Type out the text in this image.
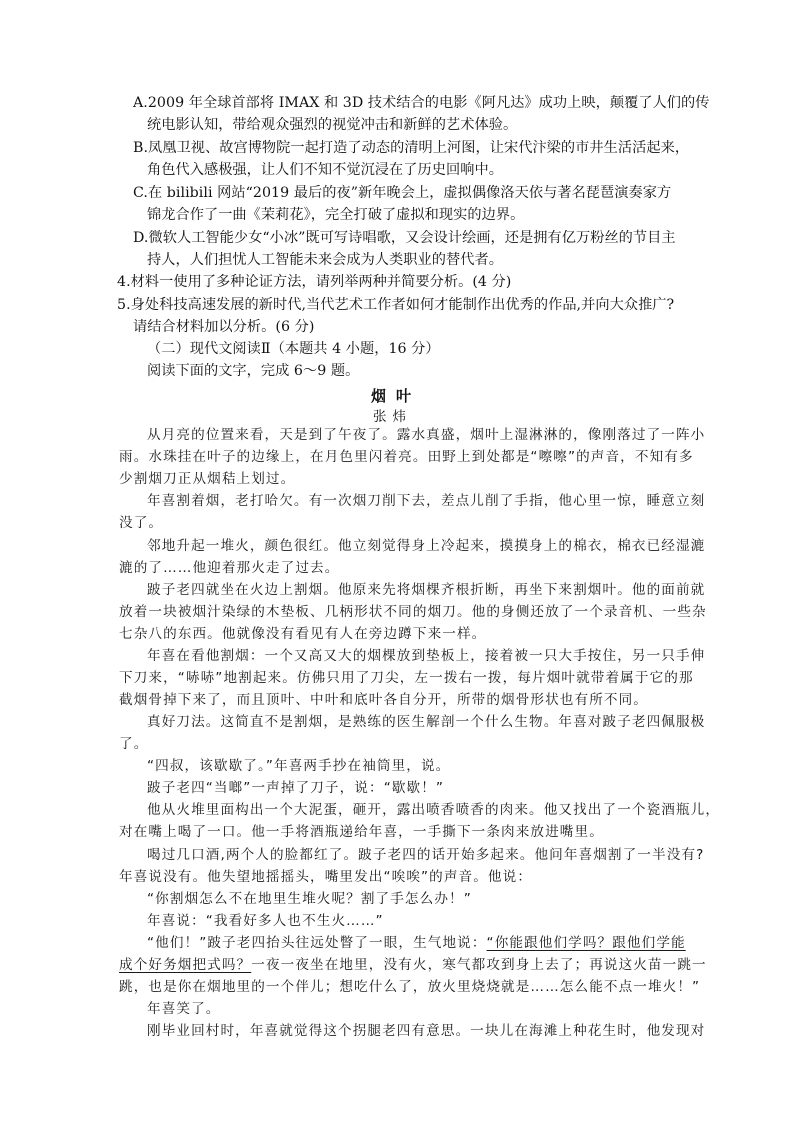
A.2009 年全球首部将 IMAX 和 3D 技术结合的电影《阿凡达》成功上映，颠覆了人们的传
统电影认知，带给观众强烈的视觉冲击和新鲜的艺术体验。
B.凤凰卫视、故宫博物院一起打造了动态的清明上河图，让宋代汴梁的市井生活活起来，
角色代入感极强，让人们不知不觉沉浸在了历史回响中。
C.在 bilibili 网站“2019 最后的夜”新年晚会上，虚拟偶像洛天依与著名琵琶演奏家方
锦龙合作了一曲《茉莉花》，完全打破了虚拟和现实的边界。
D.微软人工智能少女“小冰”既可写诗唱歌，又会设计绘画，还是拥有亿万粉丝的节目主
持人，人们担忧人工智能未来会成为人类职业的替代者。
4.材料一使用了多种论证方法，请列举两种并简要分析。(4 分)
5.身处科技高速发展的新时代,当代艺术工作者如何才能制作出优秀的作品,并向大众推广?
请结合材料加以分析。(6 分)
（二）现代文阅读Ⅱ（本题共 4 小题，16 分）
阅读下面的文字，完成 6～9 题。
烟叶
张炜
从月亮的位置来看，天是到了午夜了。露水真盛，烟叶上湿淋淋的，像刚落过了一阵小
雨。水珠挂在叶子的边缘上，在月色里闪着亮。田野上到处都是“嚓嚓”的声音，不知有多
少割烟刀正从烟秸上划过。
年喜割着烟，老打哈欠。有一次烟刀削下去，差点儿削了手指，他心里一惊，睡意立刻
没了。
邻地升起一堆火，颜色很红。他立刻觉得身上冷起来，摸摸身上的棉衣，棉衣已经湿漉
漉的了……他迎着那火走了过去。
跛子老四就坐在火边上割烟。他原来先将烟棵齐根折断，再坐下来割烟叶。他的面前就
放着一块被烟汁染绿的木垫板、几柄形状不同的烟刀。他的身侧还放了一个录音机、一些杂
七杂八的东西。他就像没有看见有人在旁边蹲下来一样。
年喜在看他割烟：一个又高又大的烟棵放到垫板上，接着被一只大手按住，另一只手伸
下刀来，“哧哧”地割起来。仿佛只用了刀尖，左一拨右一拨，每片烟叶就带着属于它的那
截烟骨掉下来了，而且顶叶、中叶和底叶各自分开，所带的烟骨形状也有所不同。
真好刀法。这简直不是割烟，是熟练的医生解剖一个什么生物。年喜对跛子老四佩服极
了。
“四叔，该歇歇了。”年喜两手抄在袖筒里，说。
跛子老四“当啷”一声掉了刀子，说：“歇歇！”
他从火堆里面构出一个大泥蛋，砸开，露出喷香喷香的肉来。他又找出了一个瓷酒瓶儿，
对在嘴上喝了一口。他一手将酒瓶递给年喜，一手撕下一条肉来放进嘴里。
喝过几口酒,两个人的脸都红了。跛子老四的话开始多起来。他问年喜烟割了一半没有?
年喜说没有。他失望地摇摇头，嘴里发出“唉唉”的声音。他说：
“你割烟怎么不在地里生堆火呢？割了手怎么办！”
年喜说：“我看好多人也不生火……”
“他们！”跛子老四抬头往远处瞥了一眼，生气地说：“你能跟他们学吗？跟他们学能
成个好务烟把式吗？一夜一夜坐在地里，没有火，寒气都攻到身上去了；再说这火苗一跳一
跳，也是你在烟地里的一个伴儿；想吃什么了，放火里烧烧就是……怎么能不点一堆火！”
年喜笑了。
刚毕业回村时，年喜就觉得这个拐腿老四有意思。一块儿在海滩上种花生时，他发现对
